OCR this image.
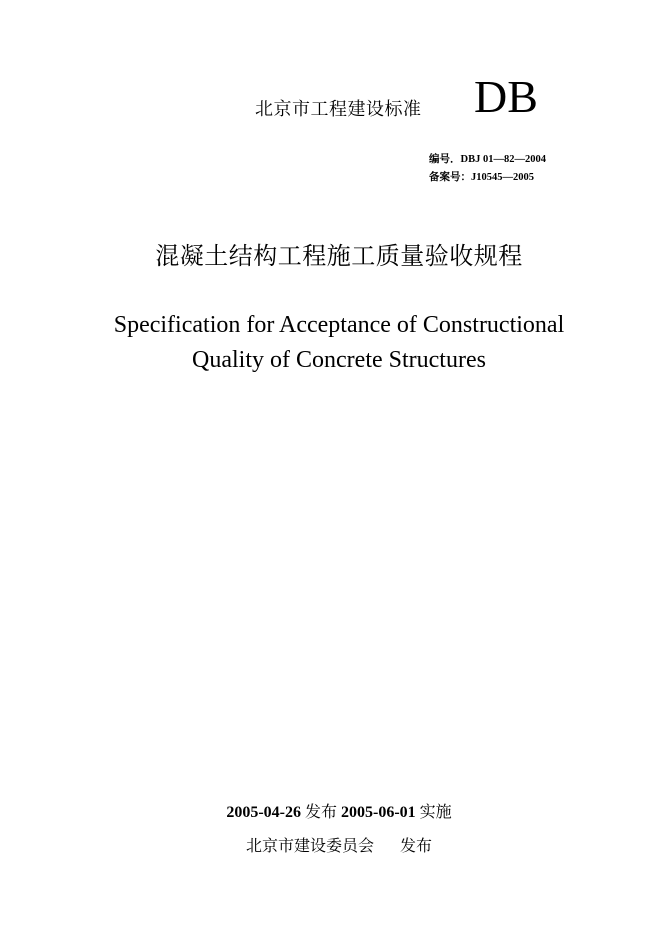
北京市工程建设标准 DB
编号．DBJ 01—82—2004
备案号：J10545—2005
混凝土结构工程施工质量验收规程
Specification for Acceptance of Constructional
Quality of Concrete Structures
2005-04-26 发布 2005-06-01 实施
北京市建设委员会 发布
